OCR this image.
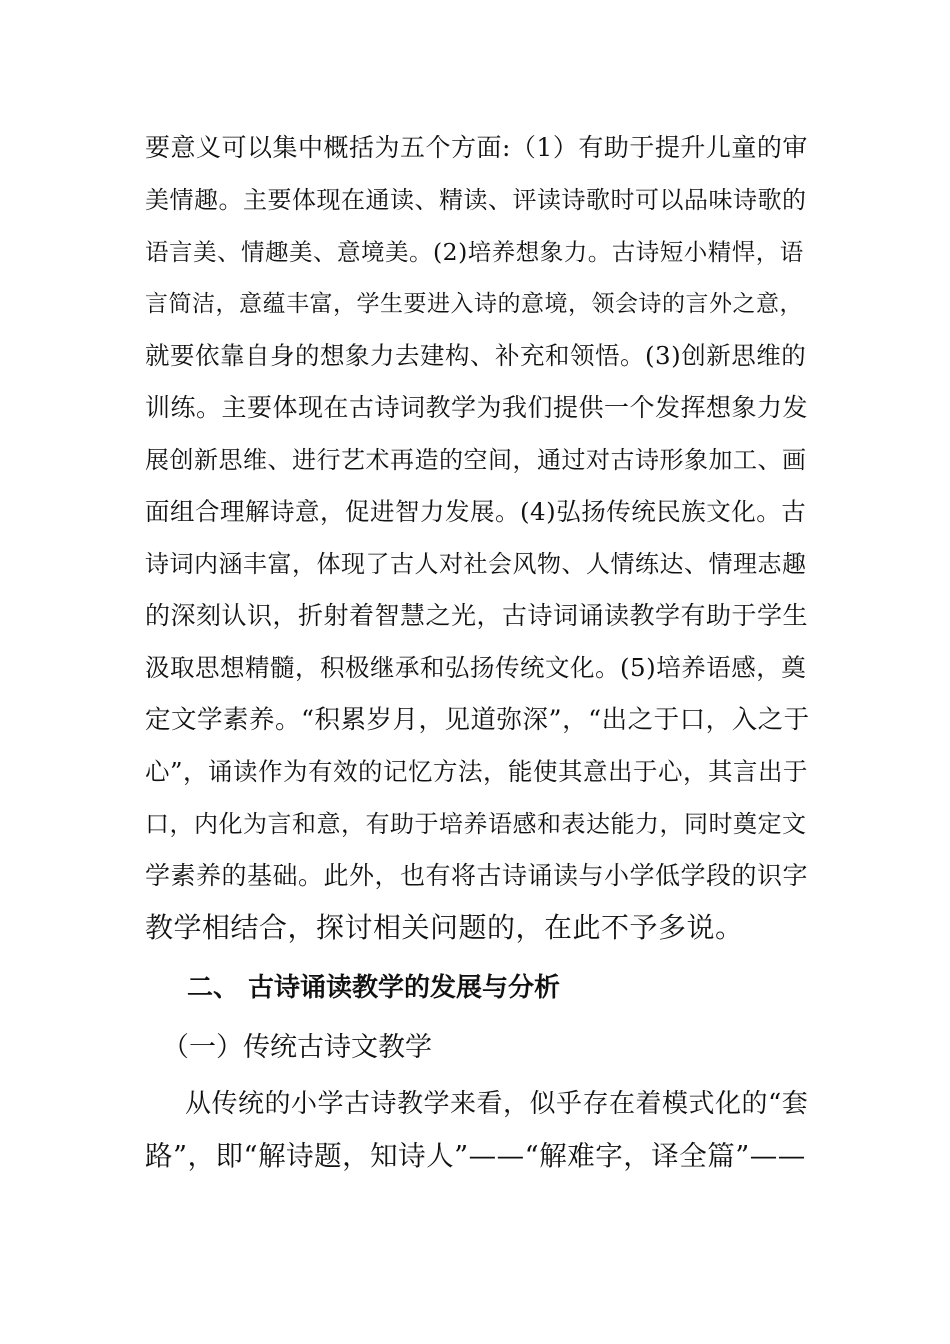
要意义可以集中概括为五个方面:（1）有助于提升儿童的审
美情趣。主要体现在通读、精读、评读诗歌时可以品味诗歌的
语言美、情趣美、意境美。(2)培养想象力。古诗短小精悍，语
言简洁，意蕴丰富，学生要进入诗的意境，领会诗的言外之意，
就要依靠自身的想象力去建构、补充和领悟。(3)创新思维的
训练。主要体现在古诗词教学为我们提供一个发挥想象力发
展创新思维、进行艺术再造的空间，通过对古诗形象加工、画
面组合理解诗意，促进智力发展。(4)弘扬传统民族文化。古
诗词内涵丰富，体现了古人对社会风物、人情练达、情理志趣
的深刻认识，折射着智慧之光，古诗词诵读教学有助于学生
汲取思想精髓，积极继承和弘扬传统文化。(5)培养语感，奠
定文学素养。“积累岁月，见道弥深”，“出之于口，入之于
心”，诵读作为有效的记忆方法，能使其意出于心，其言出于
口，内化为言和意，有助于培养语感和表达能力，同时奠定文
学素养的基础。此外，也有将古诗诵读与小学低学段的识字
教学相结合，探讨相关问题的，在此不予多说。
二、 古诗诵读教学的发展与分析
（一）传统古诗文教学
从传统的小学古诗教学来看，似乎存在着模式化的“套
路”，即“解诗题，知诗人”——“解难字，译全篇”——
